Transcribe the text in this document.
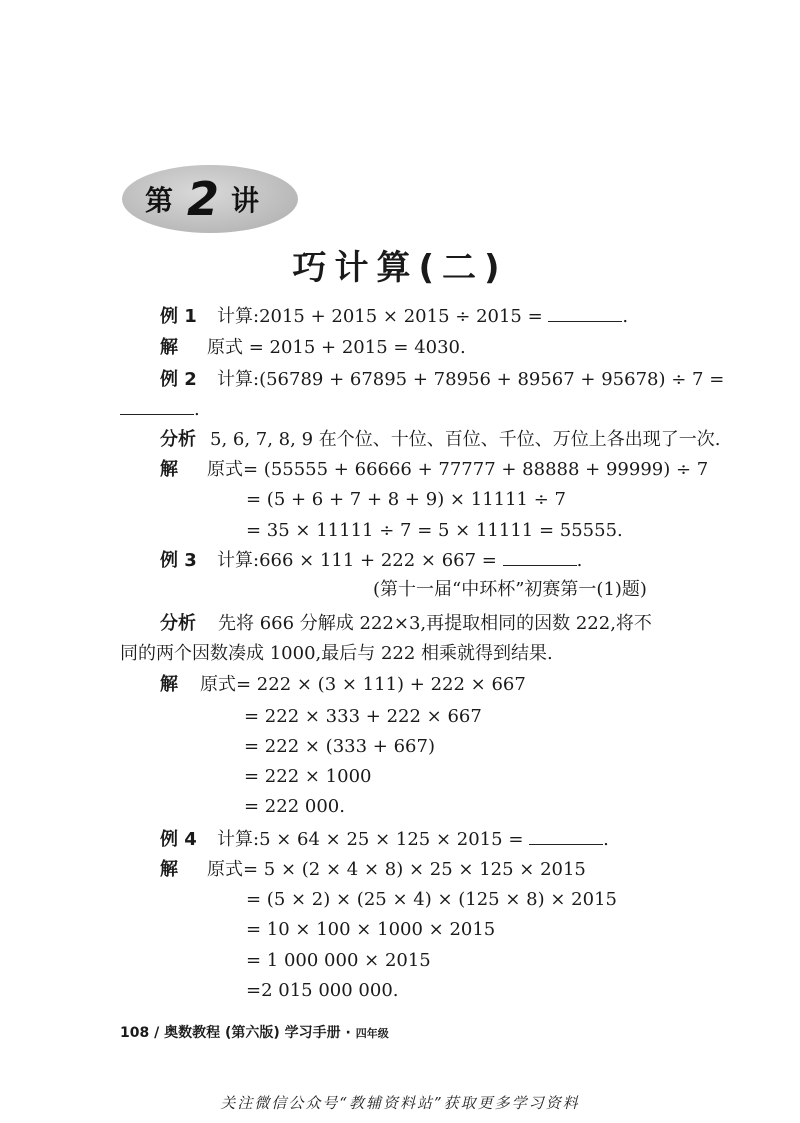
第 2 讲
巧计算(二)
例 1 计算:2015 + 2015 × 2015 ÷ 2015 =	.
解 原式 = 2015 + 2015 = 4030.
例 2 计算:(56789 + 67895 + 78956 + 89567 + 95678) ÷ 7 =
.
分析 5, 6, 7, 8, 9 在个位、十位、百位、千位、万位上各出现了一次.
解 原式= (55555 + 66666 + 77777 + 88888 + 99999) ÷ 7
= (5 + 6 + 7 + 8 + 9) × 11111 ÷ 7
= 35 × 11111 ÷ 7 = 5 × 11111 = 55555.
例 3 计算:666 × 111 + 222 × 667 =	.
(第十一届“中环杯”初赛第一(1)题)
分析 先将 666 分解成 222×3,再提取相同的因数 222,将不
同的两个因数凑成 1000,最后与 222 相乘就得到结果.
解 原式= 222 × (3 × 111) + 222 × 667
= 222 × 333 + 222 × 667
= 222 × (333 + 667)
= 222 × 1000
= 222 000.
例 4 计算:5 × 64 × 25 × 125 × 2015 =	.
解 原式= 5 × (2 × 4 × 8) × 25 × 125 × 2015
= (5 × 2) × (25 × 4) × (125 × 8) × 2015
= 10 × 100 × 1000 × 2015
= 1 000 000 × 2015
=2 015 000 000.
108 / 奥数教程 (第六版) 学习手册 · 四年级
关注微信公众号“教辅资料站”获取更多学习资料
